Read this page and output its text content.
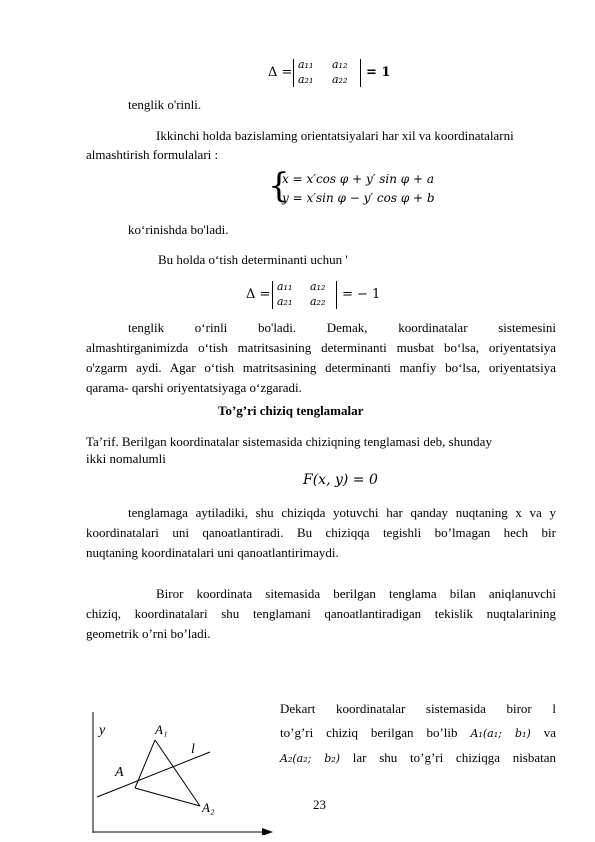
Δ =
a₁₁ a₁₂
a₂₁ a₂₂ = 1
tenglik o'rinli.
Ikkinchi holda bazislaming orientatsiyalari har xil va koordinatalarni
almashtirish formulalari :
{
x = x′cos φ + y′ sin φ + a
y = x′sin φ − y′ cos φ + b
ko‘rinishda bo'ladi.
Bu holda o‘tish determinanti uchun '
Δ =
a₁₁ a₁₂
a₂₁ a₂₂ = − 1
tenglik o‘rinli bo'ladi. Demak, koordinatalar sistemesini
almashtirganimizda o‘tish matritsasining determinanti musbat bo‘lsa, oriyentatsiya
o'zgarm aydi. Agar o‘tish matritsasining determinanti manfiy bo‘lsa, oriyentatsiya
qarama- qarshi oriyentatsiyaga o‘zgaradi.
To’g’ri chiziq tenglamalar
Ta’rif. Berilgan koordinatalar sistemasida chiziqning tenglamasi deb, shunday
ikki nomalumli
F(x, y) = 0
tenglamaga aytiladiki, shu chiziqda yotuvchi har qanday nuqtaning x va y
koordinatalari uni qanoatlantiradi. Bu chiziqqa tegishli bo’lmagan hech bir
nuqtaning koordinatalari uni qanoatlantirimaydi.
Biror koordinata sitemasida berilgan tenglama bilan aniqlanuvchi
chiziq, koordinatalari shu tenglamani qanoatlantiradigan tekislik nuqtalarining
geometrik o’rni bo’ladi.
y	A₁
l
A
A₂
Dekart koordinatalar sistemasida biror l
to’g’ri chiziq berilgan bo’lib A₁(a₁; b₁) va
A₂(a₂; b₂) lar shu to’g’ri chiziqga nisbatan
23
